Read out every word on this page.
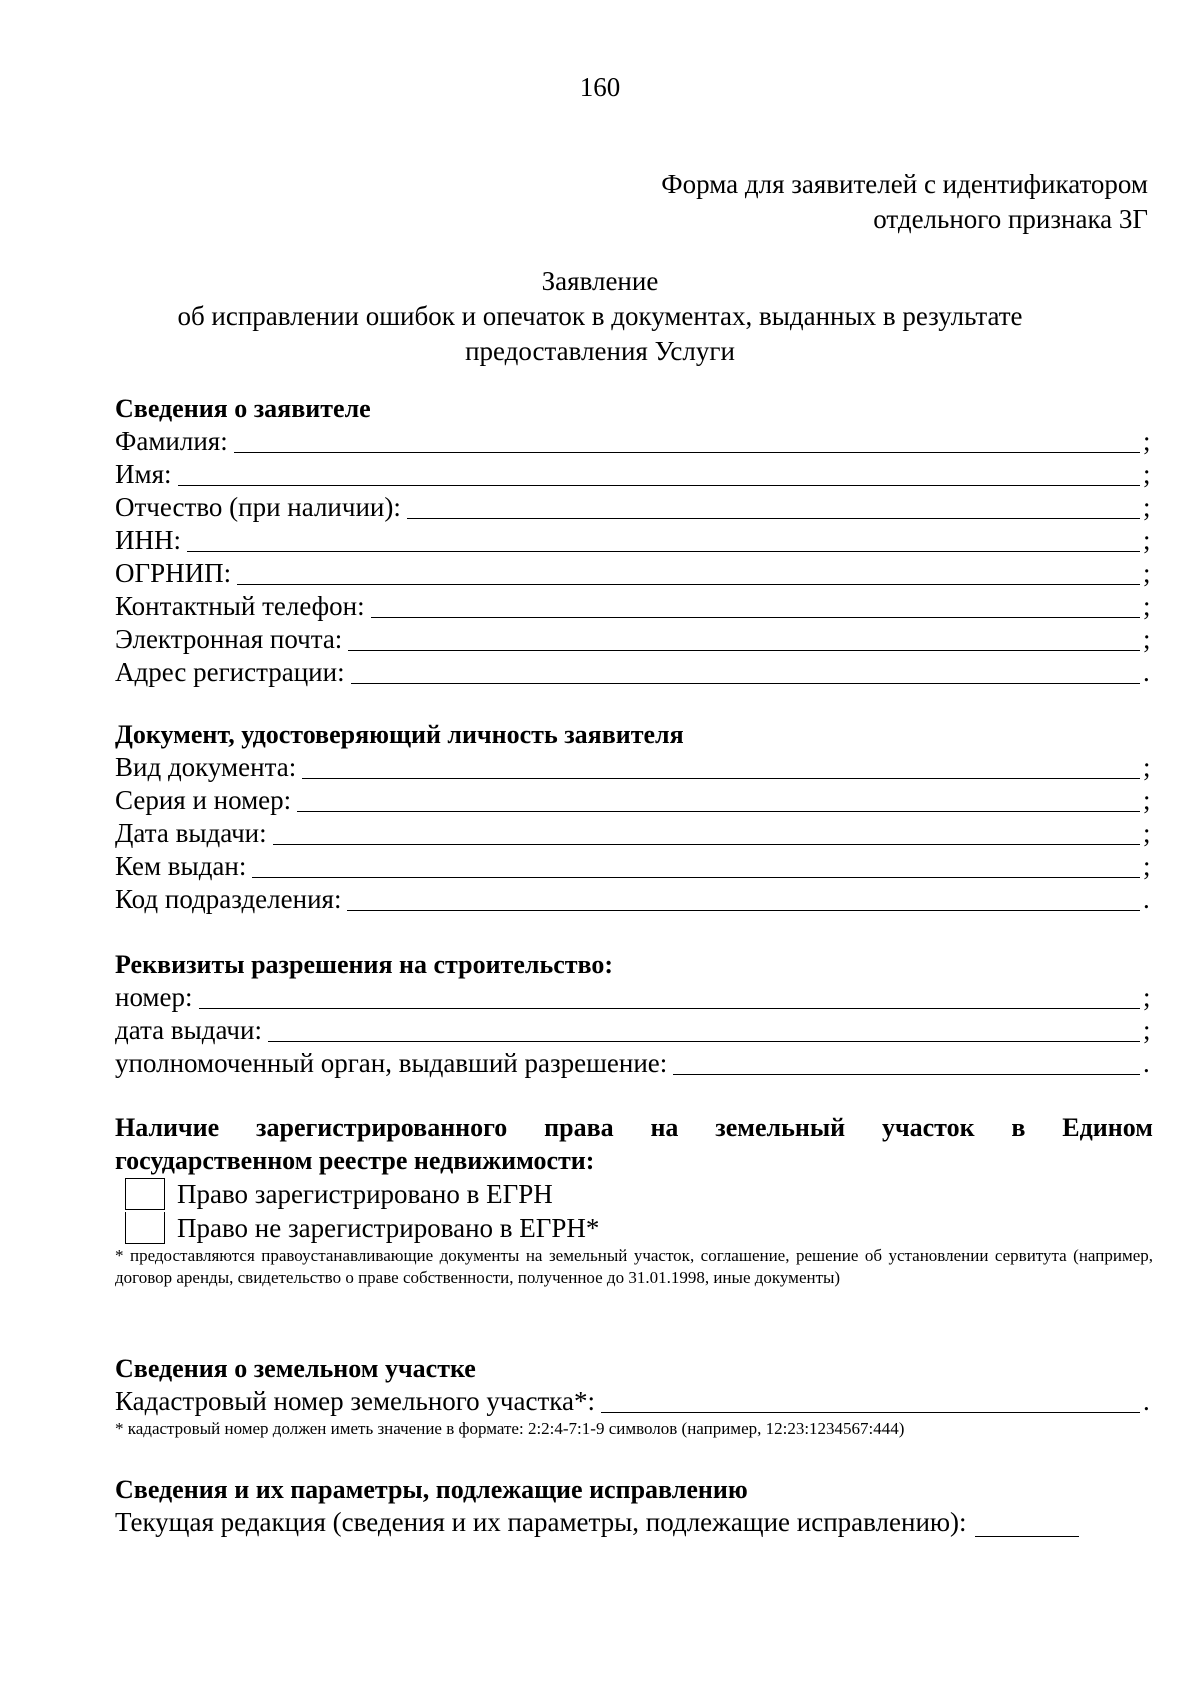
160
Форма для заявителей с идентификатором
отдельного признака 3Г
Заявление
об исправлении ошибок и опечаток в документах, выданных в результате
предоставления Услуги
Сведения о заявителе
Фамилия:	;
Имя:	;
Отчество (при наличии):	;
ИНН:	;
ОГРНИП:	;
Контактный телефон:	;
Электронная почта:	;
Адрес регистрации:	.
Документ, удостоверяющий личность заявителя
Вид документа:	;
Серия и номер:	;
Дата выдачи:	;
Кем выдан:	;
Код подразделения:	.
Реквизиты разрешения на строительство:
номер:	;
дата выдачи:	;
уполномоченный орган, выдавший разрешение:	.
Наличие зарегистрированного права на земельный участок в Едином
государственном реестре недвижимости:
Право зарегистрировано в ЕГРН
Право не зарегистрировано в ЕГРН*
* предоставляются правоустанавливающие документы на земельный участок, соглашение, решение об установлении сервитута (например, договор аренды, свидетельство о праве собственности, полученное до 31.01.1998, иные документы)
Сведения о земельном участке
Кадастровый номер земельного участка*:	.
* кадастровый номер должен иметь значение в формате: 2:2:4-7:1-9 символов (например, 12:23:1234567:444)
Сведения и их параметры, подлежащие исправлению
Текущая редакция (сведения и их параметры, подлежащие исправлению):
